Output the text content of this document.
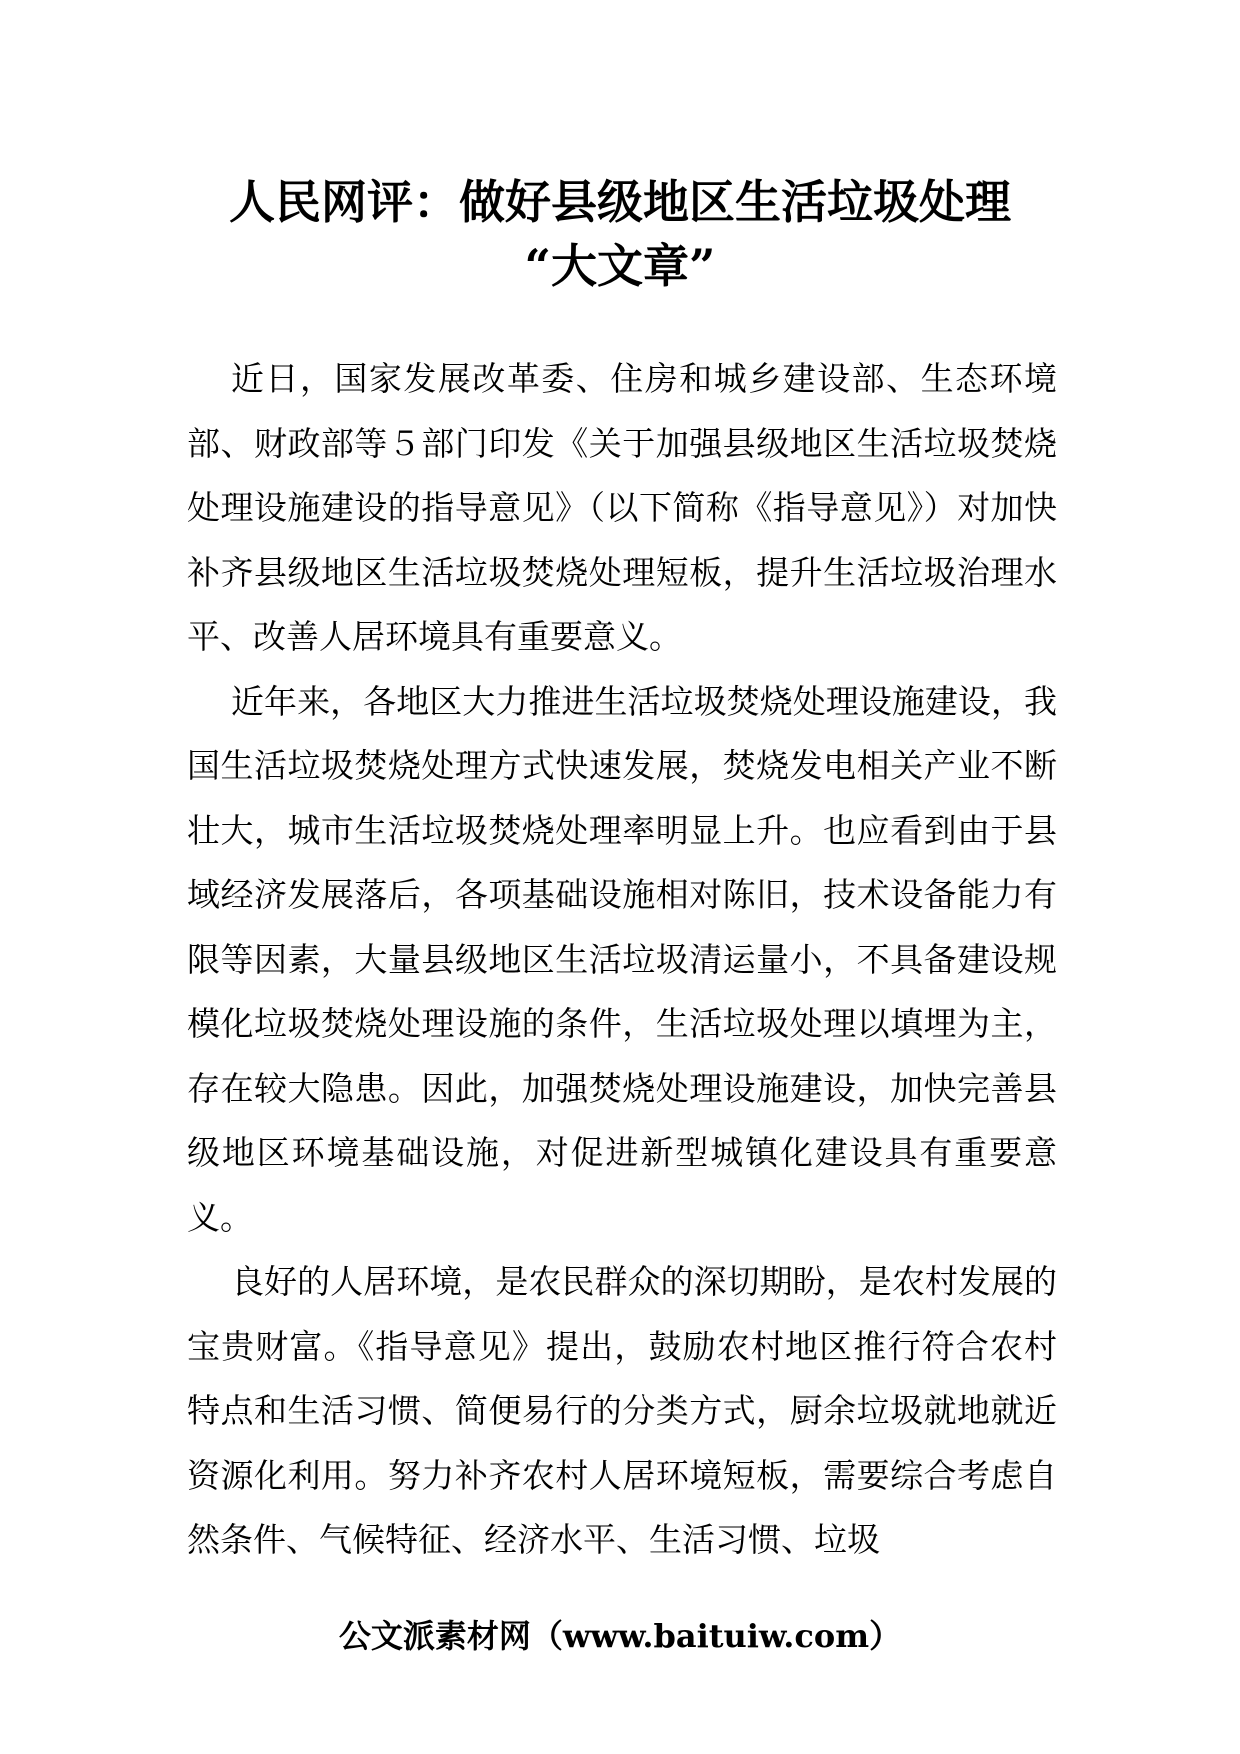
人民网评：做好县级地区生活垃圾处理
“大文章”

近日，国家发展改革委、住房和城乡建设部、生态环境部、财政部等５部门印发《关于加强县级地区生活垃圾焚烧处理设施建设的指导意见》（以下简称《指导意见》）对加快补齐县级地区生活垃圾焚烧处理短板，提升生活垃圾治理水平、改善人居环境具有重要意义。

近年来，各地区大力推进生活垃圾焚烧处理设施建设，我国生活垃圾焚烧处理方式快速发展，焚烧发电相关产业不断壮大，城市生活垃圾焚烧处理率明显上升。也应看到由于县域经济发展落后，各项基础设施相对陈旧，技术设备能力有限等因素，大量县级地区生活垃圾清运量小，不具备建设规模化垃圾焚烧处理设施的条件，生活垃圾处理以填埋为主，存在较大隐患。因此，加强焚烧处理设施建设，加快完善县级地区环境基础设施，对促进新型城镇化建设具有重要意义。

良好的人居环境，是农民群众的深切期盼，是农村发展的宝贵财富。《指导意见》提出，鼓励农村地区推行符合农村特点和生活习惯、简便易行的分类方式，厨余垃圾就地就近资源化利用。努力补齐农村人居环境短板，需要综合考虑自然条件、气候特征、经济水平、生活习惯、垃圾

公文派素材网（www.baituiw.com）
